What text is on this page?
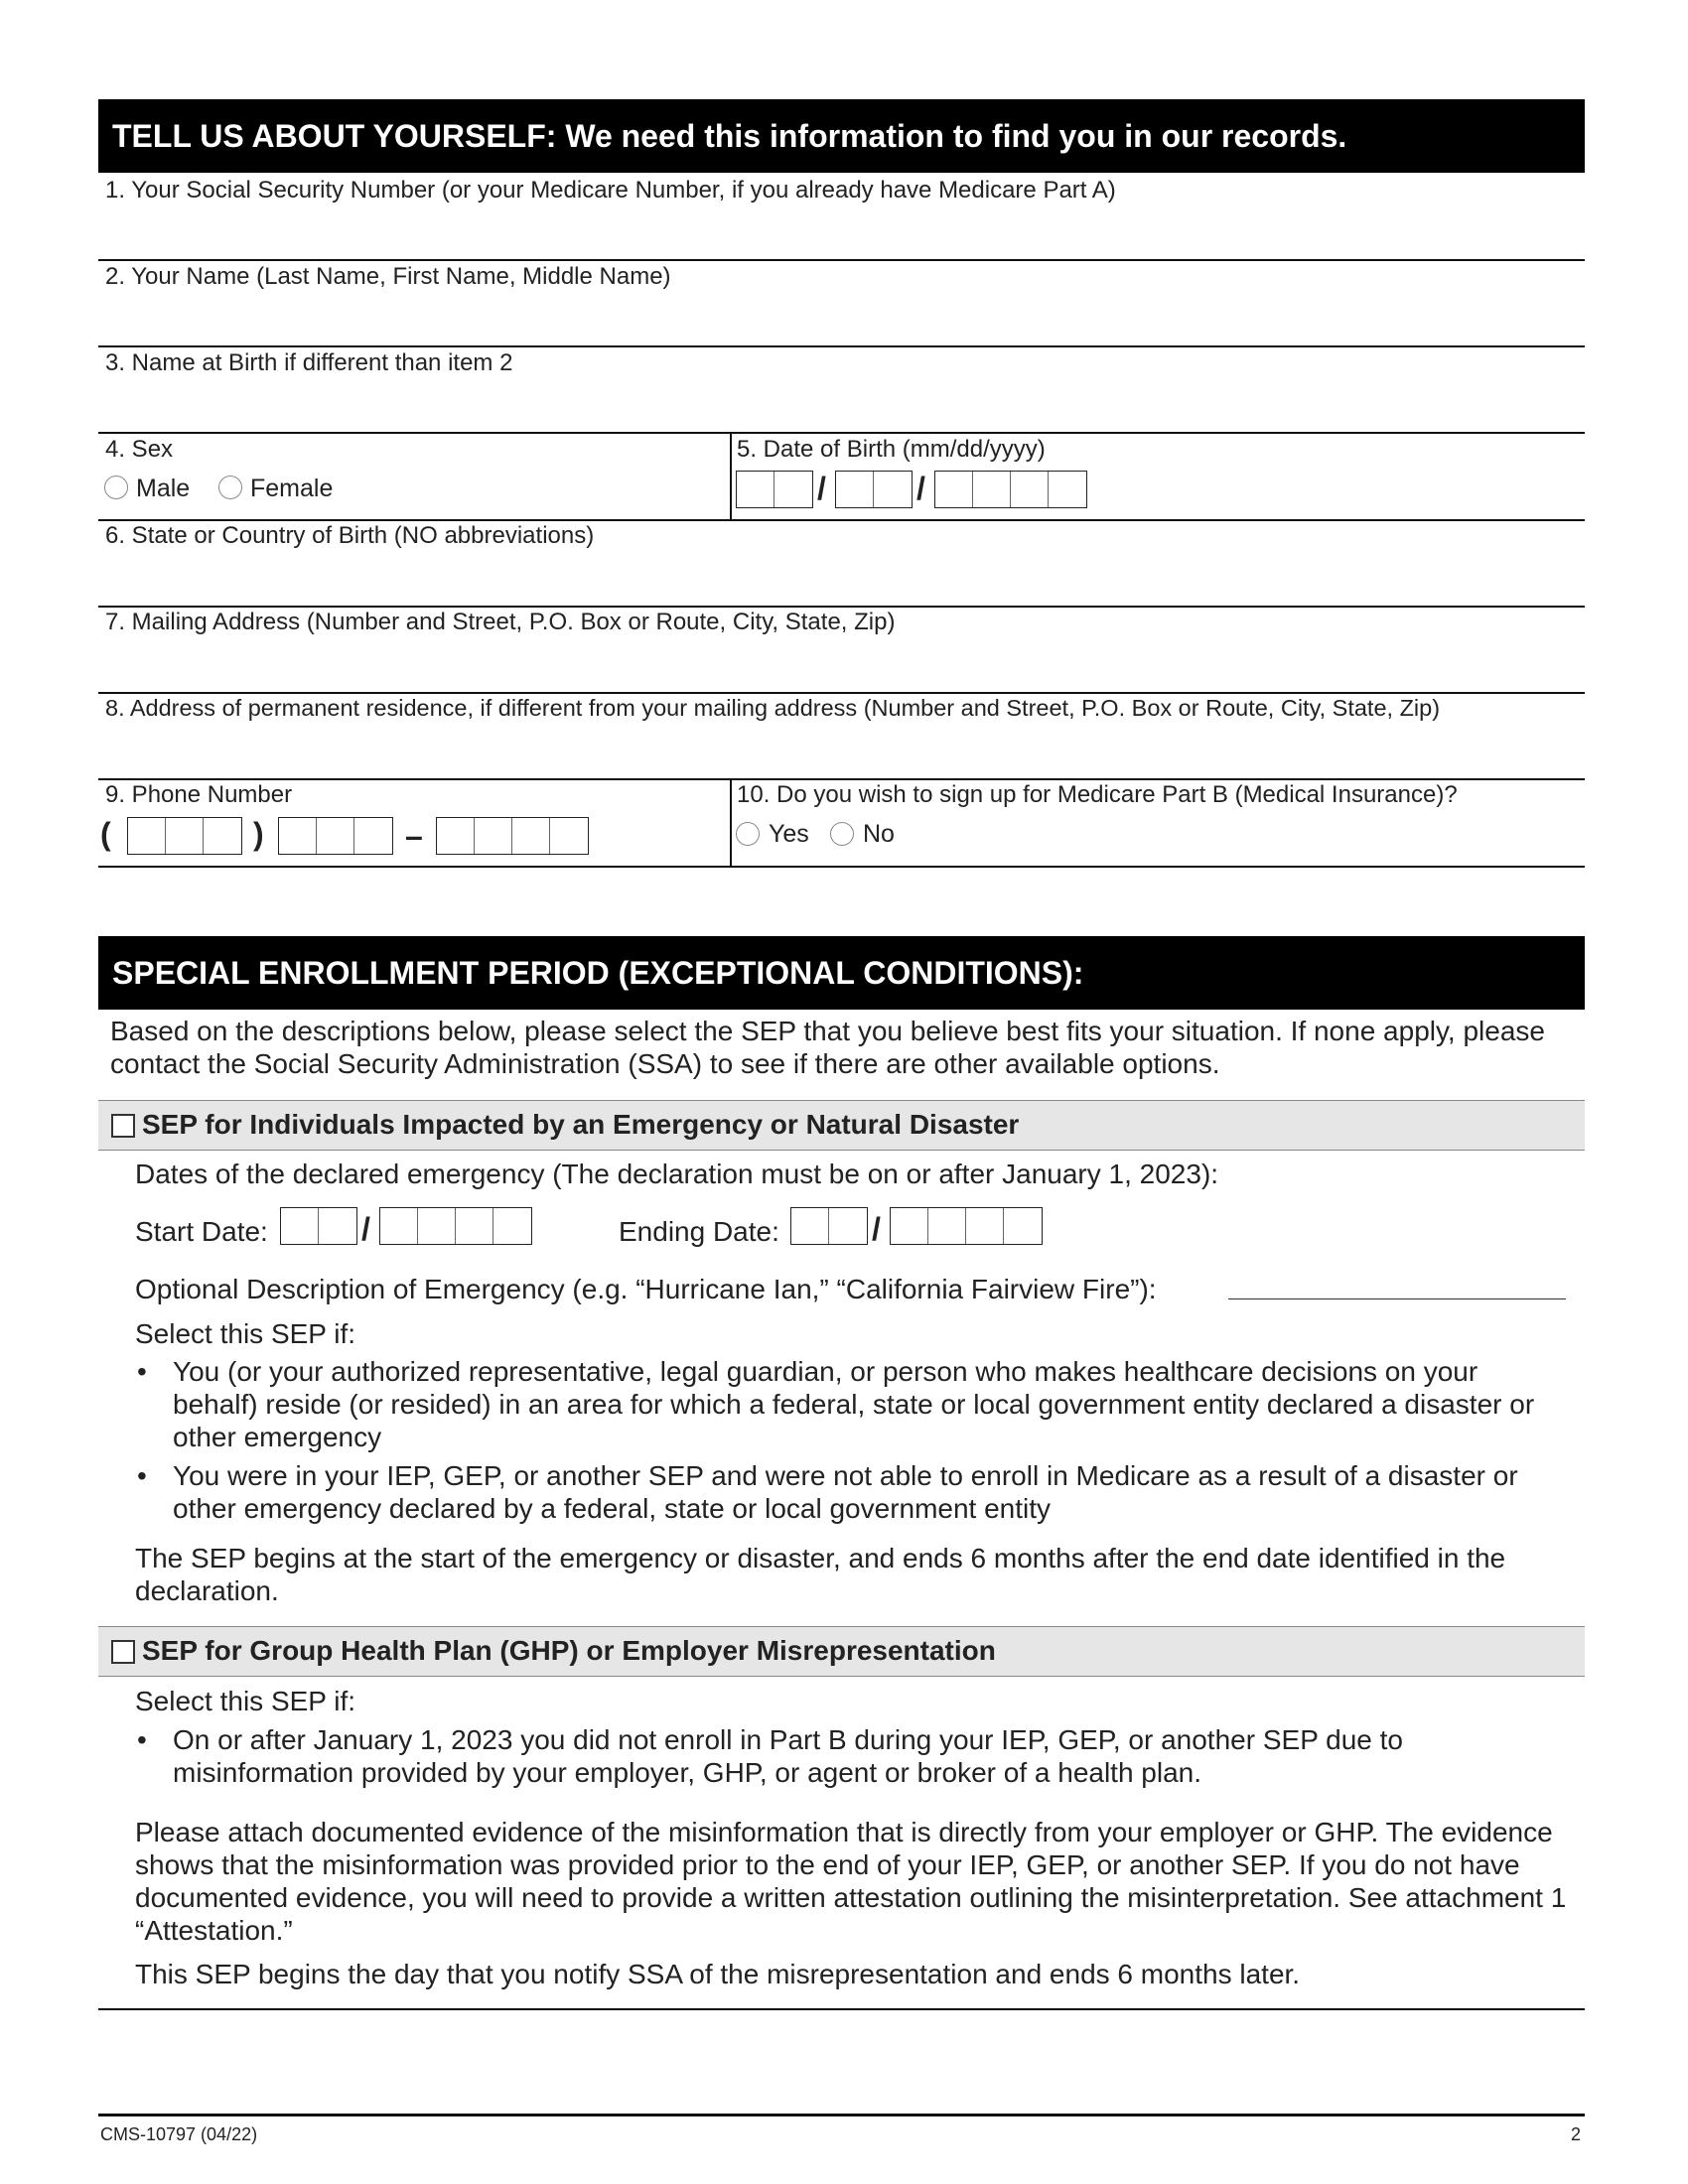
TELL US ABOUT YOURSELF: We need this information to find you in our records.
1. Your Social Security Number (or your Medicare Number, if you already have Medicare Part A)
2. Your Name (Last Name, First Name, Middle Name)
3. Name at Birth if different than item 2
4. Sex
Male Female
5. Date of Birth (mm/dd/yyyy)
/	/
6. State or Country of Birth (NO abbreviations)
7. Mailing Address (Number and Street, P.O. Box or Route, City, State, Zip)
8. Address of permanent residence, if different from your mailing address (Number and Street, P.O. Box or Route, City, State, Zip)
9. Phone Number
(	)	–
10. Do you wish to sign up for Medicare Part B (Medical Insurance)?
Yes No
SPECIAL ENROLLMENT PERIOD (EXCEPTIONAL CONDITIONS):
Based on the descriptions below, please select the SEP that you believe best fits your situation. If none apply, please contact the Social Security Administration (SSA) to see if there are other available options.
SEP for Individuals Impacted by an Emergency or Natural Disaster
Dates of the declared emergency (The declaration must be on or after January 1, 2023):
Start Date:	/	Ending Date:	/
Optional Description of Emergency (e.g. “Hurricane Ian,” “California Fairview Fire”):
Select this SEP if:
• You (or your authorized representative, legal guardian, or person who makes healthcare decisions on your behalf) reside (or resided) in an area for which a federal, state or local government entity declared a disaster or other emergency
• You were in your IEP, GEP, or another SEP and were not able to enroll in Medicare as a result of a disaster or other emergency declared by a federal, state or local government entity
The SEP begins at the start of the emergency or disaster, and ends 6 months after the end date identified in the declaration.
SEP for Group Health Plan (GHP) or Employer Misrepresentation
Select this SEP if:
• On or after January 1, 2023 you did not enroll in Part B during your IEP, GEP, or another SEP due to misinformation provided by your employer, GHP, or agent or broker of a health plan.
Please attach documented evidence of the misinformation that is directly from your employer or GHP. The evidence shows that the misinformation was provided prior to the end of your IEP, GEP, or another SEP. If you do not have documented evidence, you will need to provide a written attestation outlining the misinterpretation. See attachment 1 “Attestation.”
This SEP begins the day that you notify SSA of the misrepresentation and ends 6 months later.
CMS-10797 (04/22)	2
